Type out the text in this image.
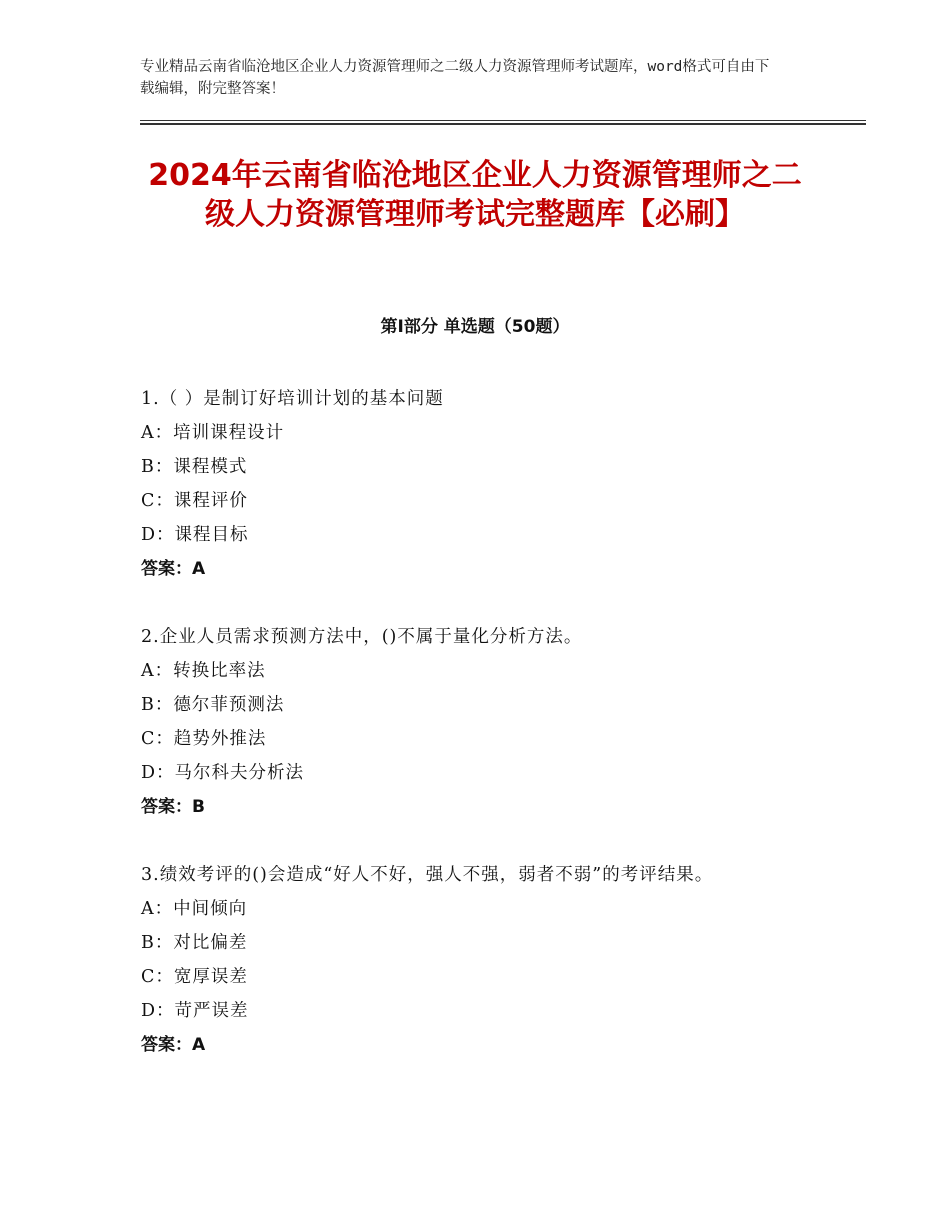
专业精品云南省临沧地区企业人力资源管理师之二级人力资源管理师考试题库，word格式可自由下载编辑，附完整答案！
2024年云南省临沧地区企业人力资源管理师之二级人力资源管理师考试完整题库【必刷】
第Ⅰ部分 单选题（50题）
1.（ ）是制订好培训计划的基本问题
A：培训课程设计
B：课程模式
C：课程评价
D：课程目标
答案：A
2.企业人员需求预测方法中，()不属于量化分析方法。
A：转换比率法
B：德尔菲预测法
C：趋势外推法
D：马尔科夫分析法
答案：B
3.绩效考评的()会造成“好人不好，强人不强，弱者不弱”的考评结果。
A：中间倾向
B：对比偏差
C：宽厚误差
D：苛严误差
答案：A
